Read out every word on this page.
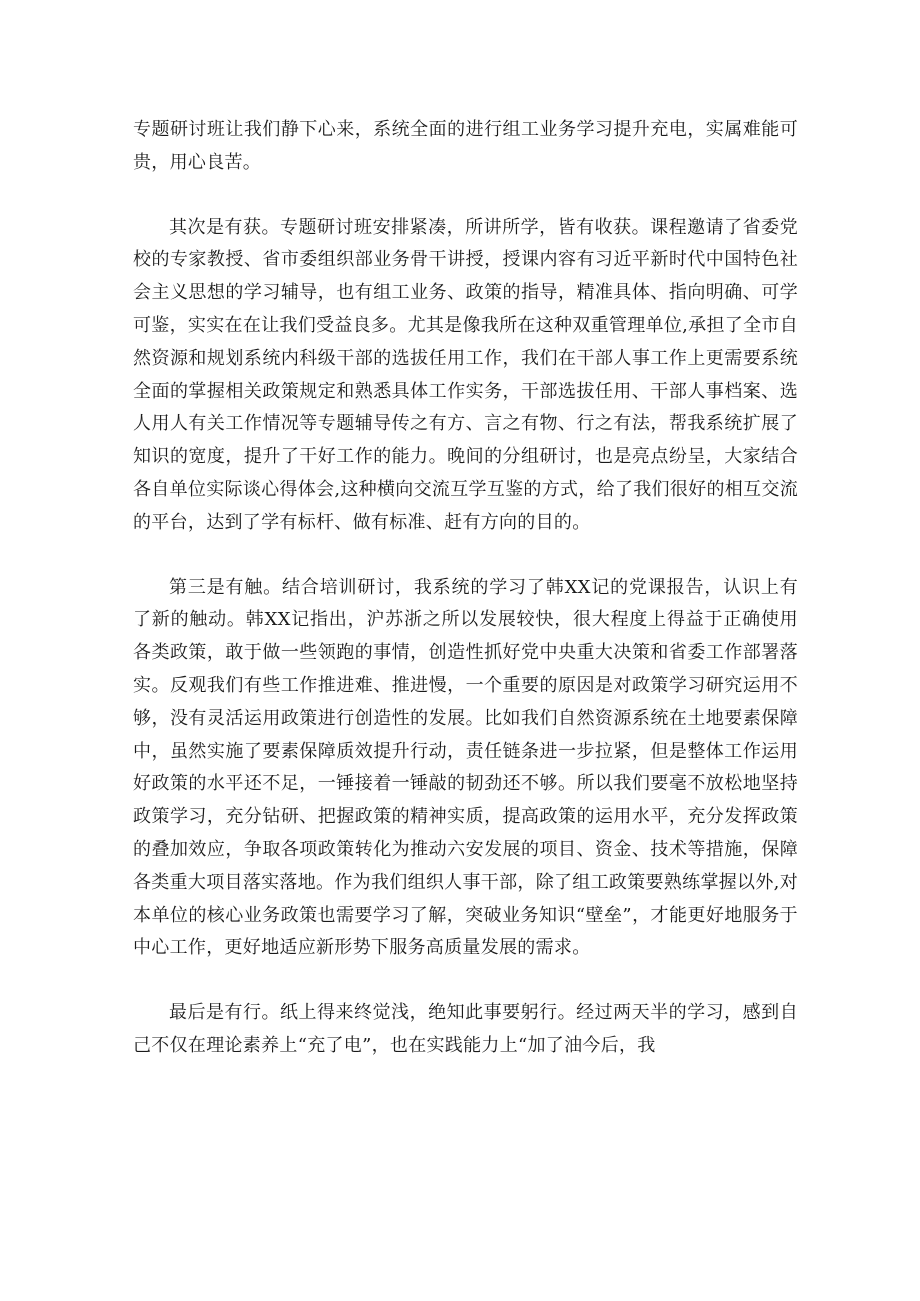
专题研讨班让我们静下心来，系统全面的进行组工业务学习提升充电，实属难能可贵，用心良苦。

其次是有获。专题研讨班安排紧凑，所讲所学，皆有收获。课程邀请了省委党校的专家教授、省市委组织部业务骨干讲授，授课内容有习近平新时代中国特色社会主义思想的学习辅导，也有组工业务、政策的指导，精准具体、指向明确、可学可鉴，实实在在让我们受益良多。尤其是像我所在这种双重管理单位,承担了全市自然资源和规划系统内科级干部的选拔任用工作，我们在干部人事工作上更需要系统全面的掌握相关政策规定和熟悉具体工作实务，干部选拔任用、干部人事档案、选人用人有关工作情况等专题辅导传之有方、言之有物、行之有法，帮我系统扩展了知识的宽度，提升了干好工作的能力。晚间的分组研讨，也是亮点纷呈，大家结合各自单位实际谈心得体会,这种横向交流互学互鉴的方式，给了我们很好的相互交流的平台，达到了学有标杆、做有标准、赶有方向的目的。

第三是有触。结合培训研讨，我系统的学习了韩XX记的党课报告，认识上有了新的触动。韩XX记指出，沪苏浙之所以发展较快，很大程度上得益于正确使用各类政策，敢于做一些领跑的事情，创造性抓好党中央重大决策和省委工作部署落实。反观我们有些工作推进难、推进慢，一个重要的原因是对政策学习研究运用不够，没有灵活运用政策进行创造性的发展。比如我们自然资源系统在土地要素保障中，虽然实施了要素保障质效提升行动，责任链条进一步拉紧，但是整体工作运用好政策的水平还不足，一锤接着一锤敲的韧劲还不够。所以我们要毫不放松地坚持政策学习，充分钻研、把握政策的精神实质，提高政策的运用水平，充分发挥政策的叠加效应，争取各项政策转化为推动六安发展的项目、资金、技术等措施，保障各类重大项目落实落地。作为我们组织人事干部，除了组工政策要熟练掌握以外,对本单位的核心业务政策也需要学习了解，突破业务知识“壁垒”，才能更好地服务于中心工作，更好地适应新形势下服务高质量发展的需求。

最后是有行。纸上得来终觉浅，绝知此事要躬行。经过两天半的学习，感到自己不仅在理论素养上“充了电”，也在实践能力上“加了油今后，我
